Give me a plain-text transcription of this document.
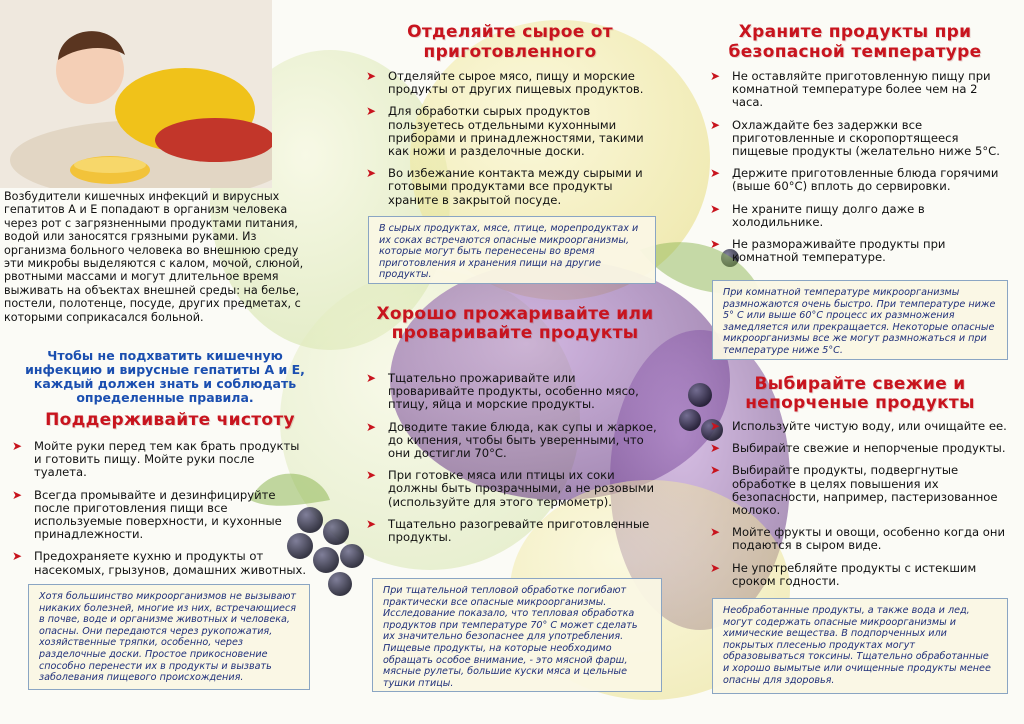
Возбудители кишечных инфекций и вирусных гепатитов А и Е попадают в организм человека через рот с загрязненными продуктами питания, водой или заносятся грязными руками. Из организма больного человека во внешнюю среду эти микробы выделяются с калом, мочой, слюной, рвотными массами и могут длительное время выживать на объектах внешней среды: на белье, постели, полотенце, посуде, других предметах, с которыми соприкасался больной.
Чтобы не подхватить кишечную инфекцию и вирусные гепатиты А и Е, каждый должен знать и соблюдать определенные правила.
Поддерживайте чистоту
➤ Мойте руки перед тем как брать продукты и готовить пищу. Мойте руки после туалета.
➤ Всегда промывайте и дезинфицируйте после приготовления пищи все используемые поверхности, и кухонные принадлежности.
➤ Предохраняете кухню и продукты от насекомых, грызунов, домашних животных.
Хотя большинство микроорганизмов не вызывают никаких болезней, многие из них, встречающиеся в почве, воде и организме животных и человека, опасны. Они передаются через рукопожатия, хозяйственные тряпки, особенно, через разделочные доски. Простое прикосновение способно перенести их в продукты и вызвать заболевания пищевого происхождения.
Отделяйте сырое от приготовленного
➤ Отделяйте сырое мясо, пищу и морские продукты от других пищевых продуктов.
➤ Для обработки сырых продуктов пользуетесь отдельными кухонными приборами и принадлежностями, такими как ножи и разделочные доски.
➤ Во избежание контакта между сырыми и готовыми продуктами все продукты храните в закрытой посуде.
В сырых продуктах, мясе, птице, морепродуктах и их соках встречаются опасные микроорганизмы, которые могут быть перенесены во время приготовления и хранения пищи на другие продукты.
Хорошо прожаривайте или проваривайте продукты
➤ Тщательно прожаривайте или проваривайте продукты, особенно мясо, птицу, яйца и морские продукты.
➤ Доводите такие блюда, как супы и жаркое, до кипения, чтобы быть уверенными, что они достигли 70°С.
➤ При готовке мяса или птицы их соки должны быть прозрачными, а не розовыми (используйте для этого термометр).
➤ Тщательно разогревайте приготовленные продукты.
При тщательной тепловой обработке погибают практически все опасные микроорганизмы. Исследование показало, что тепловая обработка продуктов при температуре 70° С может сделать их значительно безопаснее для употребления. Пищевые продукты, на которые необходимо обращать особое внимание, - это мясной фарш, мясные рулеты, большие куски мяса и цельные тушки птицы.
Храните продукты при безопасной температуре
➤ Не оставляйте приготовленную пищу при комнатной температуре более чем на 2 часа.
➤ Охлаждайте без задержки все приготовленные и скоропортящееся пищевые продукты (желательно ниже 5°С.
➤ Держите приготовленные блюда горячими (выше 60°С) вплоть до сервировки.
➤ Не храните пищу долго даже в холодильнике.
➤ Не размораживайте продукты при комнатной температуре.
При комнатной температуре микроорганизмы размножаются очень быстро. При температуре ниже 5° С или выше 60°С процесс их размножения замедляется или прекращается. Некоторые опасные микроорганизмы все же могут размножаться и при температуре ниже 5°С.
Выбирайте свежие и непорченые продукты
➤ Используйте чистую воду, или очищайте ее.
➤ Выбирайте свежие и непорченые продукты.
➤ Выбирайте продукты, подвергнутые обработке в целях повышения их безопасности, например, пастеризованное молоко.
➤ Мойте фрукты и овощи, особенно когда они подаются в сыром виде.
➤ Не употребляйте продукты с истекшим сроком годности.
Необработанные продукты, а также вода и лед, могут содержать опасные микроорганизмы и химические вещества. В подпорченных или покрытых плесенью продуктах могут образовываться токсины. Тщательно обработанные и хорошо вымытые или очищенные продукты менее опасны для здоровья.
